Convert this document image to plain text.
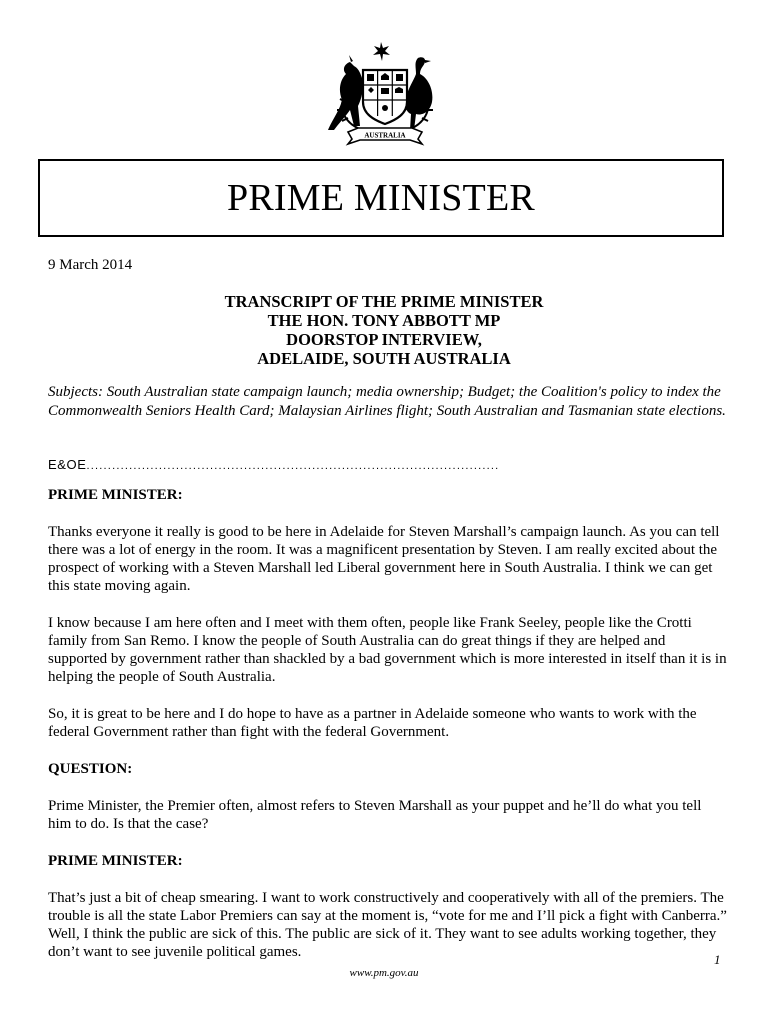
AUSTRALIA
PRIME MINISTER
9 March 2014
TRANSCRIPT OF THE PRIME MINISTER
THE HON. TONY ABBOTT MP
DOORSTOP INTERVIEW,
ADELAIDE, SOUTH AUSTRALIA
Subjects: South Australian state campaign launch; media ownership; Budget; the Coalition's policy to index the Commonwealth Seniors Health Card; Malaysian Airlines flight; South Australian and Tasmanian state elections.
E&OE.................................................................................................

PRIME MINISTER:

Thanks everyone it really is good to be here in Adelaide for Steven Marshall’s campaign launch. As you can tell there was a lot of energy in the room. It was a magnificent presentation by Steven. I am really excited about the prospect of working with a Steven Marshall led Liberal government here in South Australia. I think we can get this state moving again.

I know because I am here often and I meet with them often, people like Frank Seeley, people like the Crotti family from San Remo. I know the people of South Australia can do great things if they are helped and supported by government rather than shackled by a bad government which is more interested in itself than it is in helping the people of South Australia.

So, it is great to be here and I do hope to have as a partner in Adelaide someone who wants to work with the federal Government rather than fight with the federal Government.

QUESTION:

Prime Minister, the Premier often, almost refers to Steven Marshall as your puppet and he’ll do what you tell him to do. Is that the case?

PRIME MINISTER:

That’s just a bit of cheap smearing. I want to work constructively and cooperatively with all of the premiers. The trouble is all the state Labor Premiers can say at the moment is, “vote for me and I’ll pick a fight with Canberra.” Well, I think the public are sick of this. The public are sick of it. They want to see adults working together, they don’t want to see juvenile political games.	1
www.pm.gov.au
